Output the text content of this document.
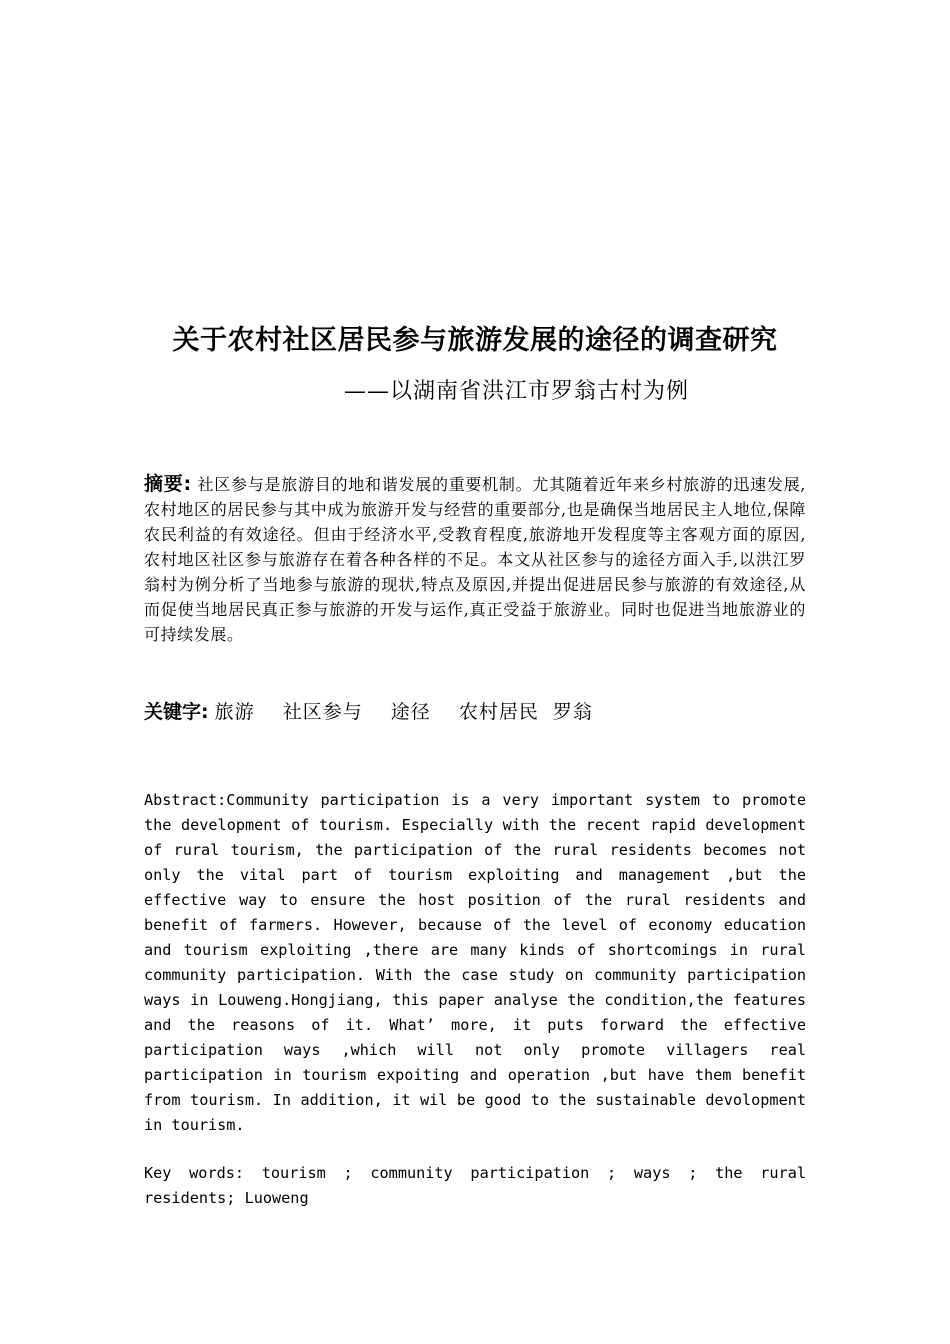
关于农村社区居民参与旅游发展的途径的调查研究
——以湖南省洪江市罗翁古村为例
摘要: 社区参与是旅游目的地和谐发展的重要机制。尤其随着近年来乡村旅游的迅速发展,农村地区的居民参与其中成为旅游开发与经营的重要部分,也是确保当地居民主人地位,保障农民利益的有效途径。但由于经济水平,受教育程度,旅游地开发程度等主客观方面的原因,农村地区社区参与旅游存在着各种各样的不足。本文从社区参与的途径方面入手,以洪江罗翁村为例分析了当地参与旅游的现状,特点及原因,并提出促进居民参与旅游的有效途径,从而促使当地居民真正参与旅游的开发与运作,真正受益于旅游业。同时也促进当地旅游业的可持续发展。
关键字: 旅游 社区参与 途径 农村居民 罗翁
Abstract:Community participation is a very important system to promote the development of tourism. Especially with the recent rapid development of rural tourism, the participation of the rural residents becomes not only the vital part of tourism exploiting and management ,but the effective way to ensure the host position of the rural residents and benefit of farmers. However, because of the level of economy education and tourism exploiting ,there are many kinds of shortcomings in rural community participation. With the case study on community participation ways in Louweng.Hongjiang, this paper analyse the condition,the features and the reasons of it. What’ more, it puts forward the effective participation ways ,which will not only promote villagers real participation in tourism expoiting and operation ,but have them benefit from tourism. In addition, it wil be good to the sustainable devolopment in tourism.
Key words: tourism ; community participation ; ways ; the rural residents; Luoweng
